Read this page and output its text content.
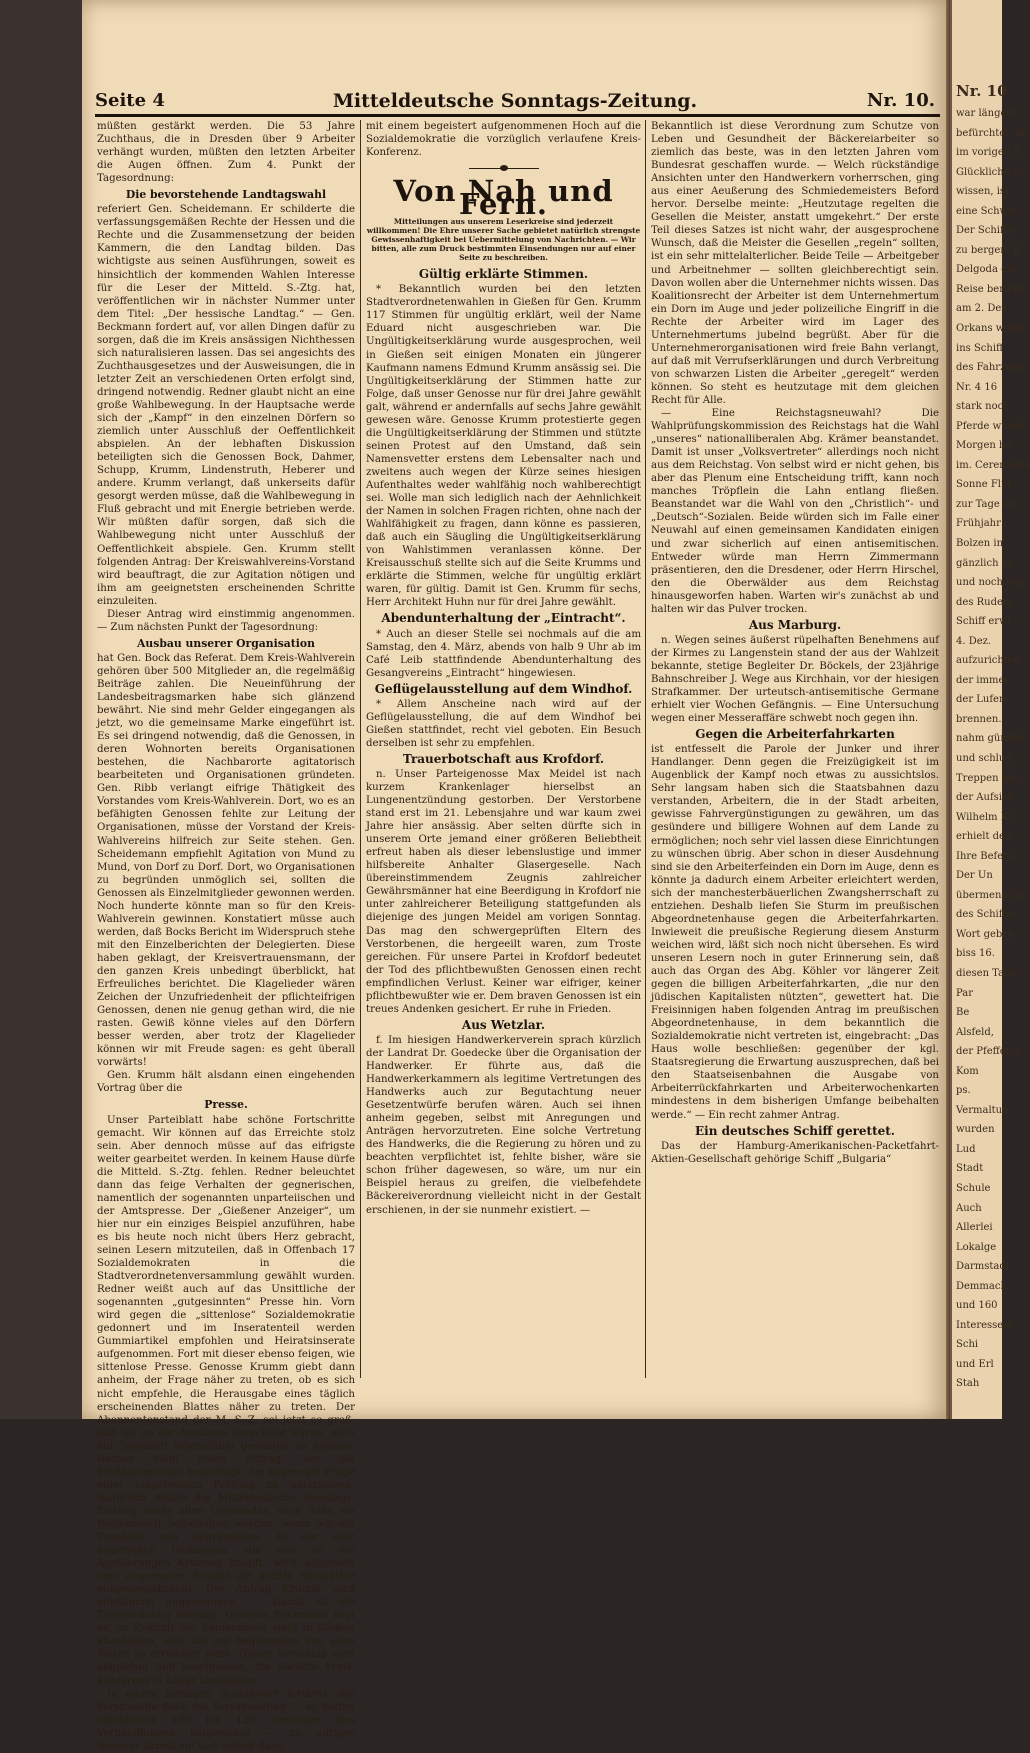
Nr. 10
war längere
befürchtet, da
im vorigen S
Glückliche ist
wissen, ist
eine Schwei
Der Schiffer
zu bergen. B
Delgoda ein
Reise bericht
am 2. Dez.
Orkans wurde
ins Schiff
des Fahrzeug
Nr. 4 16
stark noch
Pferde wurde
Morgen be
im. Ceremonie
Sonne Flut
zur Tage üb
Frühjahr
Bolzen in
gänzlich er
und nochdem
des Ruders
Schiff erwi
4. Dez.
aufzurichten
der immer
der Lufen
brennen.
nahm günstig
und schlug
Treppen gin
der Aufsich
Wilhelm Kr
erhielt den
Ihre Befehl
Der Un
übermenschl
des Schiffes
Wort gebra
biss 16.
diesen Tage
Par
Be
Alsfeld,
der Pfeffersh
Kom
ps.
Vermaltun
wurden
Lud
Stadt
Schule
Auch
Allerlei
Lokalge
Darmstadt
Demmach
und 160
Interessent
Schi
und Erl
Stah
Seite 4	Mitteldeutsche Sonntags-Zeitung.	Nr. 10.

müßten gestärkt werden. Die 53 Jahre Zuchthaus, die in Dresden über 9 Arbeiter verhängt wurden, müßten den letzten Arbeiter die Augen öffnen. Zum 4. Punkt der Tagesordnung:

Die bevorstehende Landtagswahl

referiert Gen. Scheidemann. Er schilderte die verfassungsgemäßen Rechte der Hessen und die Rechte und die Zusammensetzung der beiden Kammern, die den Landtag bilden. Das wichtigste aus seinen Ausführungen, soweit es hinsichtlich der kommenden Wahlen Interesse für die Leser der Mitteld. S.-Ztg. hat, veröffentlichen wir in nächster Nummer unter dem Titel: „Der hessische Landtag.“ — Gen. Beckmann fordert auf, vor allen Dingen dafür zu sorgen, daß die im Kreis ansässigen Nichthessen sich naturalisieren lassen. Das sei angesichts des Zuchthausgesetzes und der Ausweisungen, die in letzter Zeit an verschiedenen Orten erfolgt sind, dringend notwendig. Redner glaubt nicht an eine große Wahlbewegung. In der Hauptsache werde sich der „Kampf“ in den einzelnen Dörfern so ziemlich unter Ausschluß der Oeffentlichkeit abspielen. An der lebhaften Diskussion beteiligten sich die Genossen Bock, Dahmer, Schupp, Krumm, Lindenstruth, Heberer und andere. Krumm verlangt, daß unkerseits dafür gesorgt werden müsse, daß die Wahlbewegung in Fluß gebracht und mit Energie betrieben werde. Wir müßten dafür sorgen, daß sich die Wahlbewegung nicht unter Ausschluß der Oeffentlichkeit abspiele. Gen. Krumm stellt folgenden Antrag: Der Kreiswahlvereins-Vorstand wird beauftragt, die zur Agitation nötigen und ihm am geeignetsten erscheinenden Schritte einzuleiten.

Dieser Antrag wird einstimmig angenommen. — Zum nächsten Punkt der Tagesordnung:

Ausbau unserer Organisation

hat Gen. Bock das Referat. Dem Kreis-Wahlverein gehören über 500 Mitglieder an, die regelmäßig Beiträge zahlen. Die Neueinführung der Landesbeitragsmarken habe sich glänzend bewährt. Nie sind mehr Gelder eingegangen als jetzt, wo die gemeinsame Marke eingeführt ist. Es sei dringend notwendig, daß die Genossen, in deren Wohnorten bereits Organisationen bestehen, die Nachbarorte agitatorisch bearbeiteten und Organisationen gründeten. Gen. Ribb verlangt eifrige Thätigkeit des Vorstandes vom Kreis-Wahlverein. Dort, wo es an befähigten Genossen fehlte zur Leitung der Organisationen, müsse der Vorstand der Kreis-Wahlvereins hilfreich zur Seite stehen. Gen. Scheidemann empfiehlt Agitation von Mund zu Mund, von Dorf zu Dorf. Dort, wo Organisationen zu begründen unmöglich sei, sollten die Genossen als Einzelmitglieder gewonnen werden. Noch hunderte könnte man so für den Kreis-Wahlverein gewinnen. Konstatiert müsse auch werden, daß Bocks Bericht im Widerspruch stehe mit den Einzelberichten der Delegierten. Diese haben geklagt, der Kreisvertrauensmann, der den ganzen Kreis unbedingt überblickt, hat Erfreuliches berichtet. Die Klagelieder wären Zeichen der Unzufriedenheit der pflichteifrigen Genossen, denen nie genug gethan wird, die nie rasten. Gewiß könne vieles auf den Dörfern besser werden, aber trotz der Klagelieder können wir mit Freude sagen: es geht überall vorwärts!

Gen. Krumm hält alsdann einen eingehenden Vortrag über die

Presse.

Unser Parteiblatt habe schöne Fortschritte gemacht. Wir können auf das Erreichte stolz sein. Aber dennoch müsse auf das eifrigste weiter gearbeitet werden. In keinem Hause dürfe die Mitteld. S.-Ztg. fehlen. Redner beleuchtet dann das feige Verhalten der gegnerischen, namentlich der sogenannten unparteiischen und der Amtspresse. Der „Gießener Anzeiger“, um hier nur ein einziges Beispiel anzuführen, habe es bis heute noch nicht übers Herz gebracht, seinen Lesern mitzuteilen, daß in Offenbach 17 Sozialdemokraten in die Stadtverordnetenversammlung gewählt wurden. Redner weißt auch auf das Unsittliche der sogenannten „gutgesinnten“ Presse hin. Vorn wird gegen die „sittenlose“ Sozialdemokratie gedonnert und im Inseratenteil werden Gummiartikel empfohlen und Heiratsinserate aufgenommen. Fort mit dieser ebenso feigen, wie sittenlose Presse. Genosse Krumm giebt dann anheim, der Frage näher zu treten, ob es sich nicht empfehle, die Herausgabe eines täglich erscheinenden Blattes näher zu treten. Der Abonnentenstand der M. S.-Z. sei jetzt so groß, daß wir zu der Annahme berechtigt wären, auch ein Tageblatt lebensfähig gestalten zu können. Redner stellt einen Antrag, der die Preßkommission beauftragt, die angeregte Frage einer eingehenden Prüfung zu unterziehen. Natürlich müßte die Mitteldeutsche Sonntags-Zeitung unter allen Umständen auch dann als Wochenblatt beibehalten werden, wenn wir ein Tageblatt neu begründeten. In der sehr angeregten Diskussion, die sich an die Ausführungen Krumms knüpft, wird allgemein dem angeregten Projekt die größte Sympathie entgegengebracht. Der Antrag Krumm wird einstimmig angenommen. — Damit ist die Tagesordnung erledigt. Genosse Beckmann regt an, in Zukunft die Konferenzen stets in Gießen abzuhalten, weil das am bequemsten von allen Seiten zu erreichen wäre. Dieser Vorschlag wird abgelehnt und beschlossen, die nächste Kreis-Konferenz in Lollar abzuhalten.

In einem kernigen Schlußwort forderte der Vorsitzende Bock die Versammelten — es hatten mindestens 100 bis 120 Genossen den Verhandlungen beigewohnt — zu eifriger fernerer Arbeit auf und schloß dann

mit einem begeistert aufgenommenen Hoch auf die Sozialdemokratie die vorzüglich verlaufene Kreis-Konferenz.

Von Nah und Fern.
Mitteilungen aus unserem Leserkreise sind jederzeit willkommen! Die Ehre unserer Sache gebietet natürlich strengste Gewissenhaftigkeit bei Uebermittelung von Nachrichten. — Wir bitten, alle zum Druck bestimmten Einsendungen nur auf einer Seite zu beschreiben.
Gültig erklärte Stimmen.

* Bekanntlich wurden bei den letzten Stadtverordnetenwahlen in Gießen für Gen. Krumm 117 Stimmen für ungültig erklärt, weil der Name Eduard nicht ausgeschrieben war. Die Ungültigkeitserklärung wurde ausgesprochen, weil in Gießen seit einigen Monaten ein jüngerer Kaufmann namens Edmund Krumm ansässig sei. Die Ungültigkeitserklärung der Stimmen hatte zur Folge, daß unser Genosse nur für drei Jahre gewählt galt, während er andernfalls auf sechs Jahre gewählt gewesen wäre. Genosse Krumm protestierte gegen die Ungültigkeitserklärung der Stimmen und stützte seinen Protest auf den Umstand, daß sein Namensvetter erstens dem Lebensalter nach und zweitens auch wegen der Kürze seines hiesigen Aufenthaltes weder wahlfähig noch wahlberechtigt sei. Wolle man sich lediglich nach der Aehnlichkeit der Namen in solchen Fragen richten, ohne nach der Wahlfähigkeit zu fragen, dann könne es passieren, daß auch ein Säugling die Ungültigkeitserklärung von Wahlstimmen veranlassen könne. Der Kreisausschuß stellte sich auf die Seite Krumms und erklärte die Stimmen, welche für ungültig erklärt waren, für gültig. Damit ist Gen. Krumm für sechs, Herr Architekt Huhn nur für drei Jahre gewählt.

Abendunterhaltung der „Eintracht“.

* Auch an dieser Stelle sei nochmals auf die am Samstag, den 4. März, abends von halb 9 Uhr ab im Café Leib stattfindende Abendunterhaltung des Gesangvereins „Eintracht“ hingewiesen.

Geflügelausstellung auf dem Windhof.

* Allem Anscheine nach wird auf der Geflügelausstellung, die auf dem Windhof bei Gießen stattfindet, recht viel geboten. Ein Besuch derselben ist sehr zu empfehlen.

Trauerbotschaft aus Krofdorf.

n. Unser Parteigenosse Max Meidel ist nach kurzem Krankenlager hierselbst an Lungenentzündung gestorben. Der Verstorbene stand erst im 21. Lebensjahre und war kaum zwei Jahre hier ansässig. Aber selten dürfte sich in unserem Orte jemand einer größeren Beliebtheit erfreut haben als dieser lebenslustige und immer hilfsbereite Anhalter Glasergeselle. Nach übereinstimmendem Zeugnis zahlreicher Gewährsmänner hat eine Beerdigung in Krofdorf nie unter zahlreicherer Beteiligung stattgefunden als diejenige des jungen Meidel am vorigen Sonntag. Das mag den schwergeprüften Eltern des Verstorbenen, die hergeeilt waren, zum Troste gereichen. Für unsere Partei in Krofdorf bedeutet der Tod des pflichtbewußten Genossen einen recht empfindlichen Verlust. Keiner war eifriger, keiner pflichtbewußter wie er. Dem braven Genossen ist ein treues Andenken gesichert. Er ruhe in Frieden.

Aus Wetzlar.

f. Im hiesigen Handwerkerverein sprach kürzlich der Landrat Dr. Goedecke über die Organisation der Handwerker. Er führte aus, daß die Handwerkerkammern als legitime Vertretungen des Handwerks auch zur Begutachtung neuer Gesetzentwürfe berufen wären. Auch sei ihnen anheim gegeben, selbst mit Anregungen und Anträgen hervorzutreten. Eine solche Vertretung des Handwerks, die die Regierung zu hören und zu beachten verpflichtet ist, fehlte bisher, wäre sie schon früher dagewesen, so wäre, um nur ein Beispiel heraus zu greifen, die vielbefehdete Bäckereiverordnung vielleicht nicht in der Gestalt erschienen, in der sie nunmehr existiert. —

Bekanntlich ist diese Verordnung zum Schutze von Leben und Gesundheit der Bäckereiarbeiter so ziemlich das beste, was in den letzten Jahren vom Bundesrat geschaffen wurde. — Welch rückständige Ansichten unter den Handwerkern vorherrschen, ging aus einer Aeußerung des Schmiedemeisters Beford hervor. Derselbe meinte: „Heutzutage regelten die Gesellen die Meister, anstatt umgekehrt.“ Der erste Teil dieses Satzes ist nicht wahr, der ausgesprochene Wunsch, daß die Meister die Gesellen „regeln“ sollten, ist ein sehr mittelalterlicher. Beide Teile — Arbeitgeber und Arbeitnehmer — sollten gleichberechtigt sein. Davon wollen aber die Unternehmer nichts wissen. Das Koalitionsrecht der Arbeiter ist dem Unternehmertum ein Dorn im Auge und jeder polizeiliche Eingriff in die Rechte der Arbeiter wird im Lager des Unternehmertums jubelnd begrüßt. Aber für die Unternehmerorganisationen wird freie Bahn verlangt, auf daß mit Verrufserklärungen und durch Verbreitung von schwarzen Listen die Arbeiter „geregelt“ werden können. So steht es heutzutage mit dem gleichen Recht für Alle.

— Eine Reichstagsneuwahl? Die Wahlprüfungskommission des Reichstags hat die Wahl „unseres“ nationalliberalen Abg. Krämer beanstandet. Damit ist unser „Volksvertreter“ allerdings noch nicht aus dem Reichstag. Von selbst wird er nicht gehen, bis aber das Plenum eine Entscheidung trifft, kann noch manches Tröpflein die Lahn entlang fließen. Beanstandet war die Wahl von den „Christlich“- und „Deutsch“-Sozialen. Beide würden sich im Falle einer Neuwahl auf einen gemeinsamen Kandidaten einigen und zwar sicherlich auf einen antisemitischen. Entweder würde man Herrn Zimmermann präsentieren, den die Dresdener, oder Herrn Hirschel, den die Oberwälder aus dem Reichstag hinausgeworfen haben. Warten wir's zunächst ab und halten wir das Pulver trocken.

Aus Marburg.

n. Wegen seines äußerst rüpelhaften Benehmens auf der Kirmes zu Langenstein stand der aus der Wahlzeit bekannte, stetige Begleiter Dr. Böckels, der 23jährige Bahnschreiber J. Wege aus Kirchhain, vor der hiesigen Strafkammer. Der urteutsch-antisemitische Germane erhielt vier Wochen Gefängnis. — Eine Untersuchung wegen einer Messeraffäre schwebt noch gegen ihn.

Gegen die Arbeiterfahrkarten

ist entfesselt die Parole der Junker und ihrer Handlanger. Denn gegen die Freizügigkeit ist im Augenblick der Kampf noch etwas zu aussichtslos. Sehr langsam haben sich die Staatsbahnen dazu verstanden, Arbeitern, die in der Stadt arbeiten, gewisse Fahrvergünstigungen zu gewähren, um das gesündere und billigere Wohnen auf dem Lande zu ermöglichen; noch sehr viel lassen diese Einrichtungen zu wünschen übrig. Aber schon in dieser Ausdehnung sind sie den Arbeiterfeinden ein Dorn im Auge, denn es könnte ja dadurch einem Arbeiter erleichtert werden, sich der manchesterbäuerlichen Zwangsherrschaft zu entziehen. Deshalb liefen Sie Sturm im preußischen Abgeordnetenhause gegen die Arbeiterfahrkarten. Inwieweit die preußische Regierung diesem Ansturm weichen wird, läßt sich noch nicht übersehen. Es wird unseren Lesern noch in guter Erinnerung sein, daß auch das Organ des Abg. Köhler vor längerer Zeit gegen die billigen Arbeiterfahrkarten, „die nur den jüdischen Kapitalisten nützten“, gewettert hat. Die Freisinnigen haben folgenden Antrag im preußischen Abgeordnetenhause, in dem bekanntlich die Sozialdemokratie nicht vertreten ist, eingebracht: „Das Haus wolle beschließen: gegenüber der kgl. Staatsregierung die Erwartung auszusprechen, daß bei den Staatseisenbahnen die Ausgabe von Arbeiterrückfahrkarten und Arbeiterwochenkarten mindestens in dem bisherigen Umfange beibehalten werde.“ — Ein recht zahmer Antrag.

Ein deutsches Schiff gerettet.

Das der Hamburg-Amerikanischen-Packetfahrt-Aktien-Gesellschaft gehörige Schiff „Bulgaria“
